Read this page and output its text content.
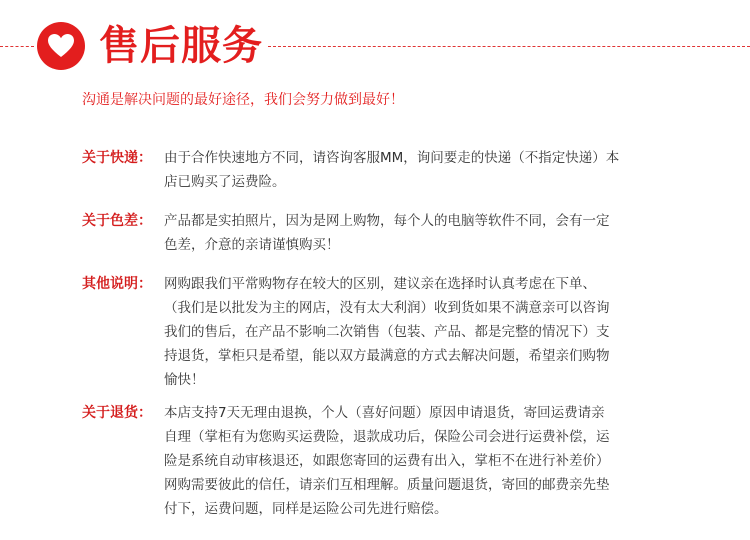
售后服务
沟通是解决问题的最好途径，我们会努力做到最好！
关于快递： 由于合作快速地方不同，请咨询客服MM，询问要走的快递（不指定快递）本
店已购买了运费险。
关于色差： 产品都是实拍照片，因为是网上购物，每个人的电脑等软件不同，会有一定
色差，介意的亲请谨慎购买！
其他说明： 网购跟我们平常购物存在较大的区别，建议亲在选择时认真考虑在下单、
（我们是以批发为主的网店，没有太大利润）收到货如果不满意亲可以咨询
我们的售后，在产品不影响二次销售（包装、产品、都是完整的情况下）支
持退货，掌柜只是希望，能以双方最满意的方式去解决问题，希望亲们购物
愉快！
关于退货： 本店支持7天无理由退换，个人（喜好问题）原因申请退货，寄回运费请亲
自理（掌柜有为您购买运费险，退款成功后，保险公司会进行运费补偿，运
险是系统自动审核退还，如跟您寄回的运费有出入，掌柜不在进行补差价）
网购需要彼此的信任，请亲们互相理解。质量问题退货，寄回的邮费亲先垫
付下，运费问题，同样是运险公司先进行赔偿。
